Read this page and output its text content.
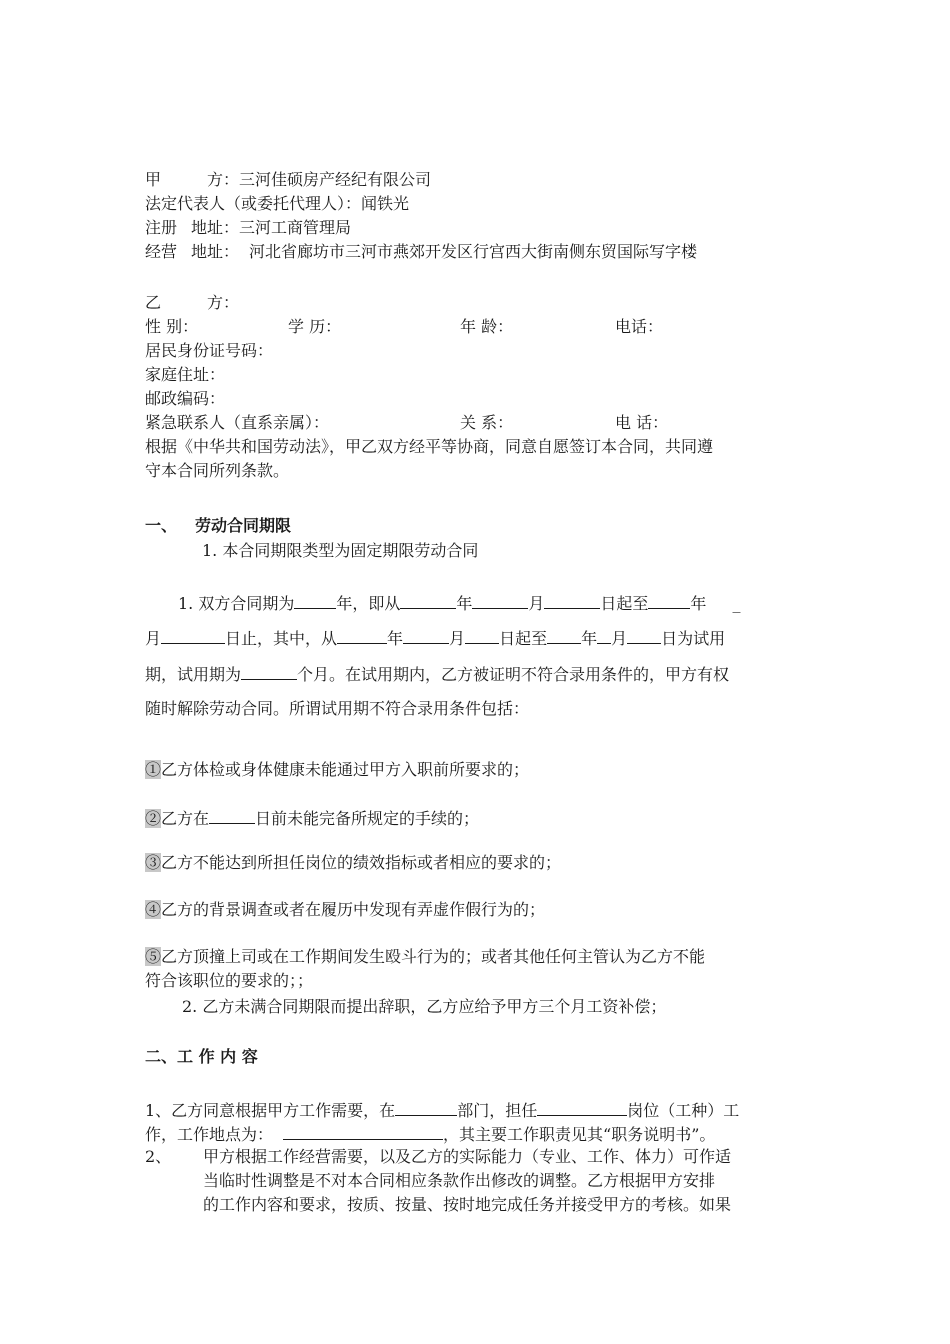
甲	方：三河佳硕房产经纪有限公司
法定代表人（或委托代理人）：闻铁光
注册 地址：三河工商管理局
经营 地址： 河北省廊坊市三河市燕郊开发区行宫西大街南侧东贸国际写字楼
乙	方：
性 别：	学 历：	年 龄：	电话：
居民身份证号码：
家庭住址：
邮政编码：
紧急联系人（直系亲属）：	关 系：	电 话：
根据《中华共和国劳动法》，甲乙双方经平等协商，同意自愿签订本合同，共同遵
守本合同所列条款。
一、 劳动合同期限
1. 本合同期限类型为固定期限劳动合同
1. 双方合同期为	年，即从	年	月	日起至	年 _
月	日止，其中，从	年	月 日起至 年 月 日为试用
期，试用期为	个月。在试用期内，乙方被证明不符合录用条件的，甲方有权
随时解除劳动合同。所谓试用期不符合录用条件包括：
①乙方体检或身体健康未能通过甲方入职前所要求的；
②乙方在	日前未能完备所规定的手续的；
③乙方不能达到所担任岗位的绩效指标或者相应的要求的；
④乙方的背景调查或者在履历中发现有弄虚作假行为的；
⑤乙方顶撞上司或在工作期间发生殴斗行为的；或者其他任何主管认为乙方不能
符合该职位的要求的；；
2. 乙方未满合同期限而提出辞职，乙方应给予甲方三个月工资补偿；
二、工 作 内 容
1、乙方同意根据甲方工作需要，在	部门，担任	岗位（工种）工
作，工作地点为：	，其主要工作职责见其“职务说明书”。
2、 甲方根据工作经营需要，以及乙方的实际能力（专业、工作、体力）可作适
当临时性调整是不对本合同相应条款作出修改的调整。乙方根据甲方安排
的工作内容和要求，按质、按量、按时地完成任务并接受甲方的考核。如果
